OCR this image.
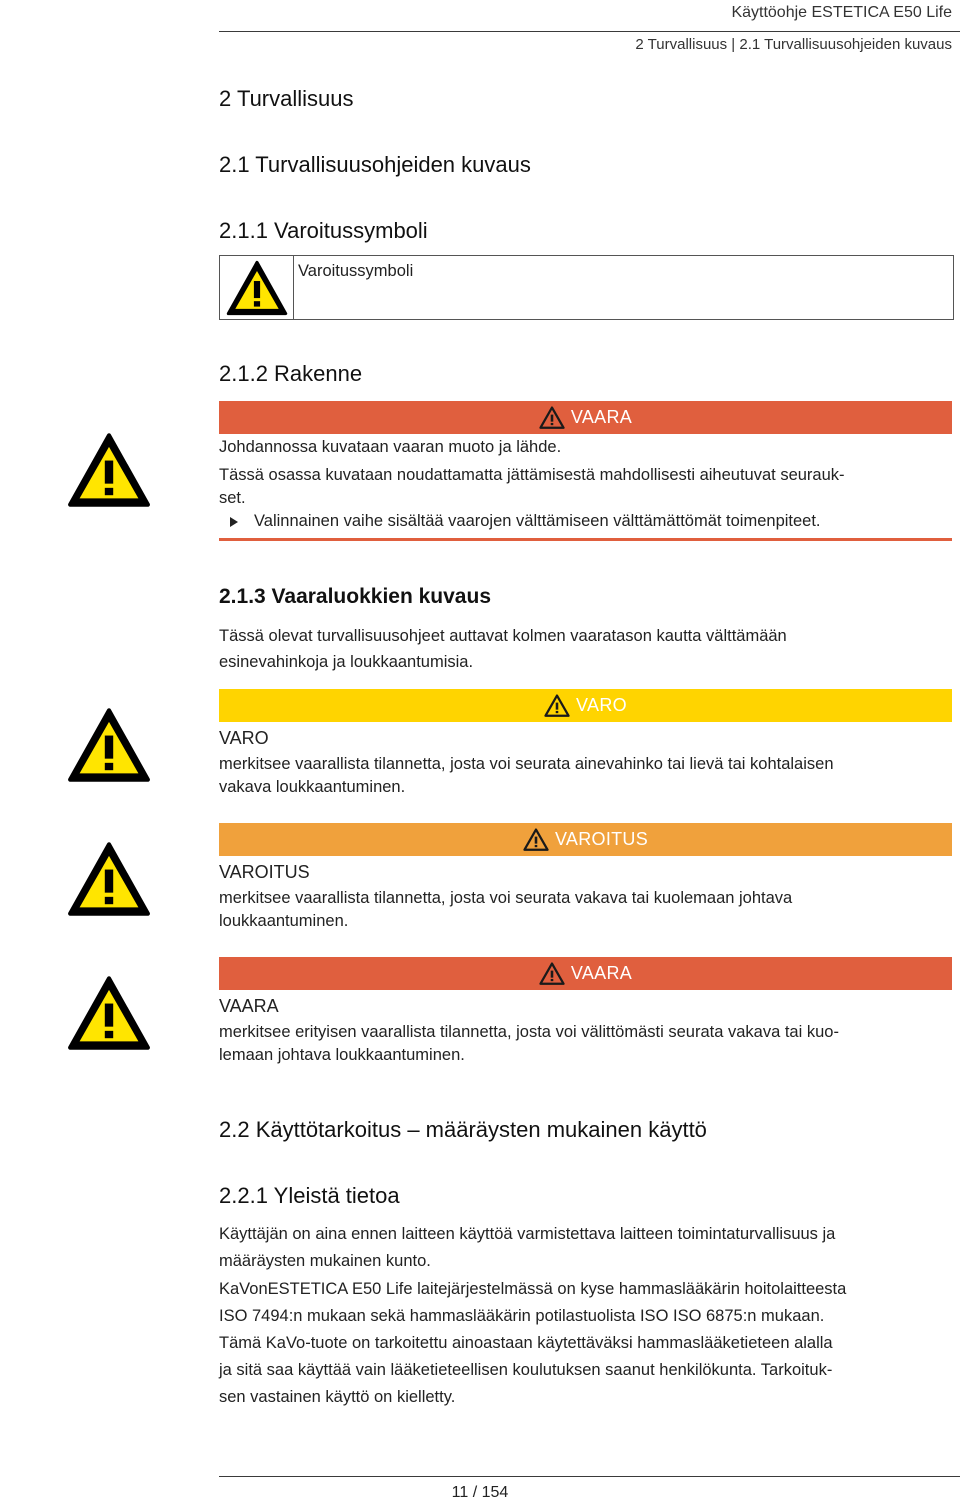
Käyttöohje ESTETICA E50 Life
2 Turvallisuus | 2.1 Turvallisuusohjeiden kuvaus
2 Turvallisuus
2.1 Turvallisuusohjeiden kuvaus
2.1.1 Varoitussymboli
Varoitussymboli
2.1.2 Rakenne
VAARA

Johdannossa kuvataan vaaran muoto ja lähde.

Tässä osassa kuvataan noudattamatta jättämisestä mahdollisesti aiheutuvat seurauk-

set.

Valinnainen vaihe sisältää vaarojen välttämiseen välttämättömät toimenpiteet.
2.1.3 Vaaraluokkien kuvaus

Tässä olevat turvallisuusohjeet auttavat kolmen vaaratason kautta välttämään

esinevahinkoja ja loukkaantumisia.

VARO

VARO

merkitsee vaarallista tilannetta, josta voi seurata ainevahinko tai lievä tai kohtalaisen

vakava loukkaantuminen.

VAROITUS

VAROITUS

merkitsee vaarallista tilannetta, josta voi seurata vakava tai kuolemaan johtava

loukkaantuminen.

VAARA

VAARA

merkitsee erityisen vaarallista tilannetta, josta voi välittömästi seurata vakava tai kuo-

lemaan johtava loukkaantuminen.

2.2 Käyttötarkoitus – määräysten mukainen käyttö
2.2.1 Yleistä tietoa

Käyttäjän on aina ennen laitteen käyttöä varmistettava laitteen toimintaturvallisuus ja

määräysten mukainen kunto.

KaVonESTETICA E50 Life laitejärjestelmässä on kyse hammaslääkärin hoitolaitteesta

ISO 7494:n mukaan sekä hammaslääkärin potilastuolista ISO ISO 6875:n mukaan.

Tämä KaVo-tuote on tarkoitettu ainoastaan käytettäväksi hammaslääketieteen alalla

ja sitä saa käyttää vain lääketieteellisen koulutuksen saanut henkilökunta. Tarkoituk-

sen vastainen käyttö on kielletty.

11 / 154
